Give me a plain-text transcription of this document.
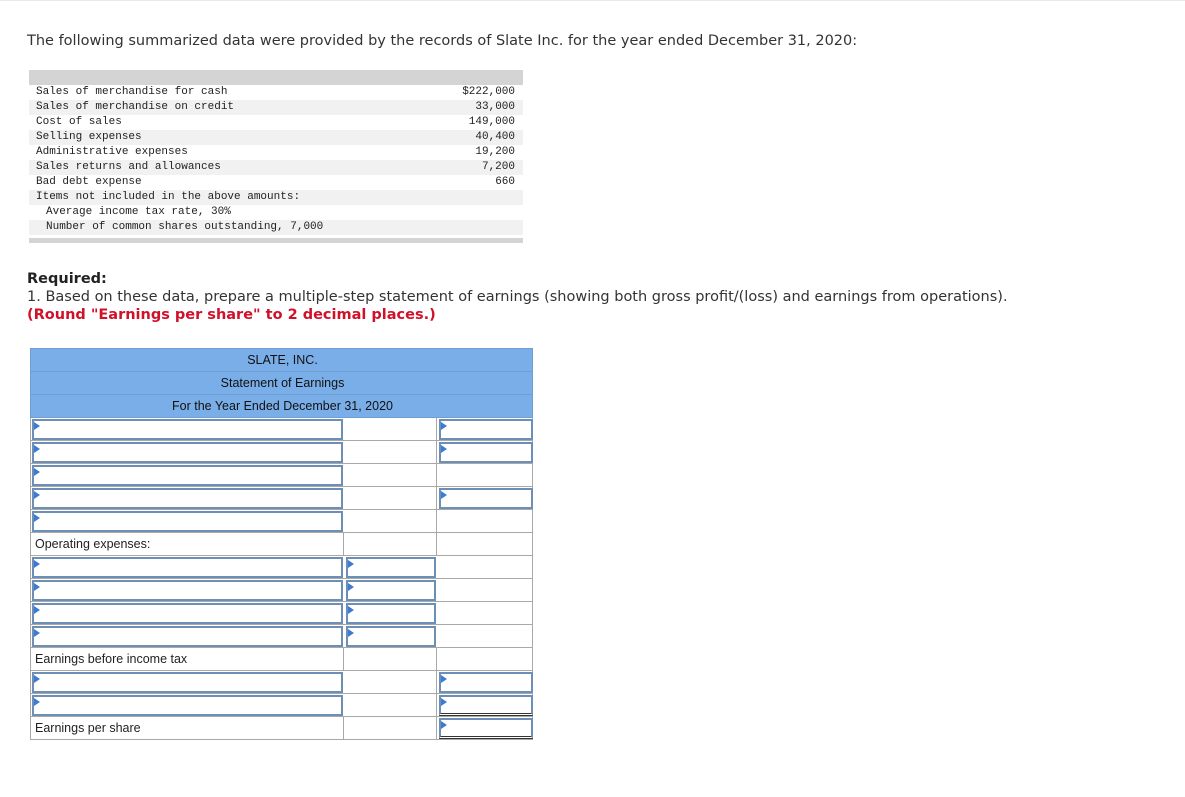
The following summarized data were provided by the records of Slate Inc. for the year ended December 31, 2020:
Sales of merchandise for cash	$222,000
Sales of merchandise on credit	33,000
Cost of sales	149,000
Selling expenses	40,400
Administrative expenses	19,200
Sales returns and allowances	7,200
Bad debt expense	660
Items not included in the above amounts:
Average income tax rate, 30%
Number of common shares outstanding, 7,000
Required:
1. Based on these data, prepare a multiple-step statement of earnings (showing both gross profit/(loss) and earnings from operations).
(Round "Earnings per share" to 2 decimal places.)
SLATE, INC.
Statement of Earnings
For the Year Ended December 31, 2020
Operating expenses:
Earnings before income tax
Earnings per share
